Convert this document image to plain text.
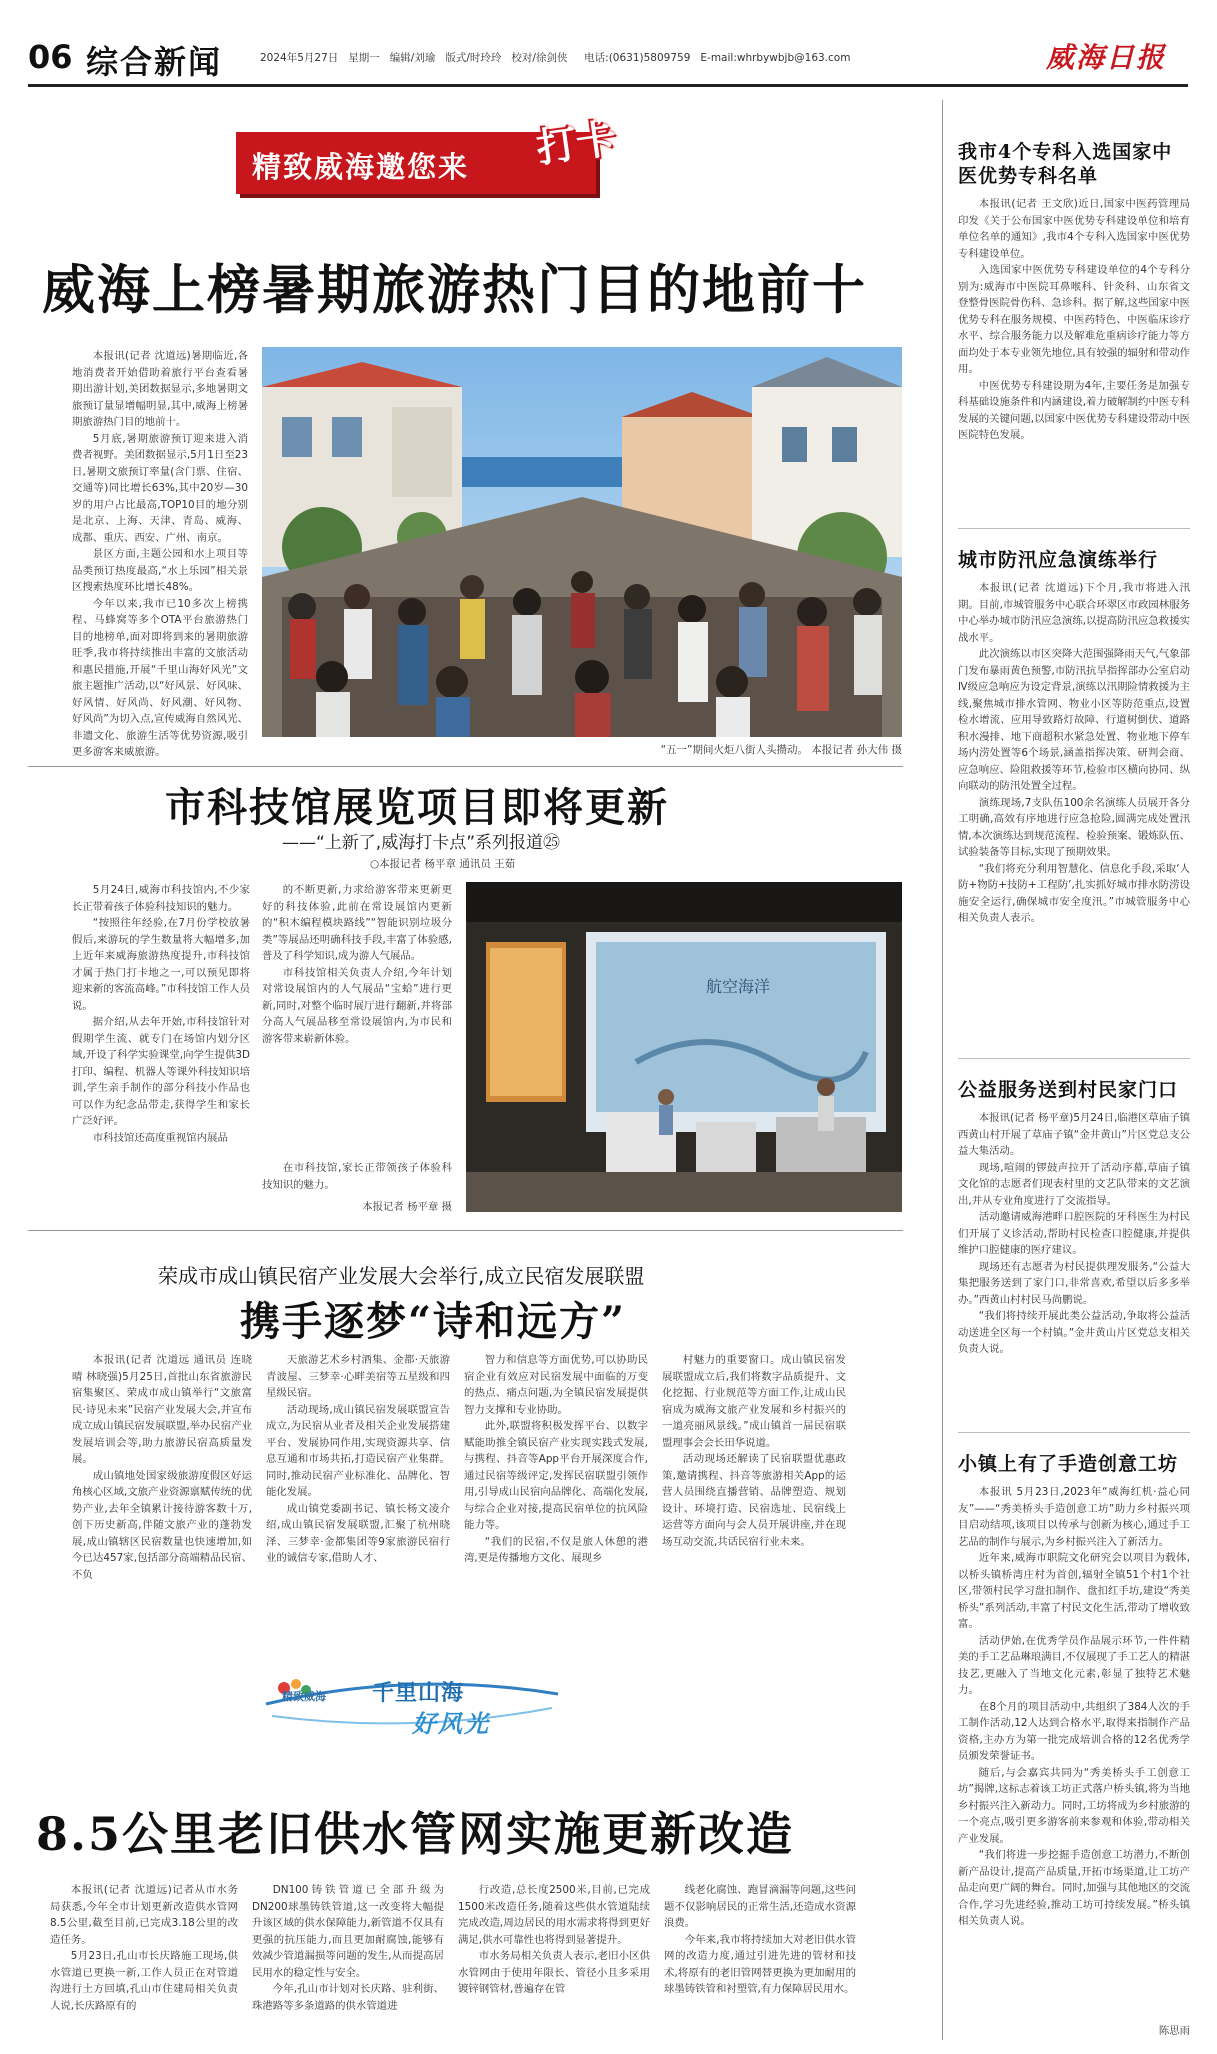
06 综合新闻	2024年5月27日 星期一 编辑/刘瑜 版式/时玲玲 校对/徐剑侠 电话:(0631)5809759 E-mail:whrbywbjb@163.com	威海日报
精致威海邀您来 打卡
威海上榜暑期旅游热门目的地前十

本报讯(记者 沈道远)暑期临近,各地消费者开始借助着旅行平台查看暑期出游计划,美团数据显示,多地暑期文旅预订量显增幅明显,其中,威海上榜暑期旅游热门目的地前十。

5月底,暑期旅游预订迎来进入消费者视野。美团数据显示,5月1日至23日,暑期文旅预订率量(含门票、住宿、交通等)同比增长63%,其中20岁—30岁的用户占比最高,TOP10目的地分别是北京、上海、天津、青岛、威海、成都、重庆、西安、广州、南京。

景区方面,主题公园和水上项目等品类预订热度最高,“水上乐园”相关景区搜索热度环比增长48%。

今年以来,我市已10多次上榜携程、马蜂窝等多个OTA平台旅游热门目的地榜单,面对即将到来的暑期旅游旺季,我市将持续推出丰富的文旅活动和惠民措施,开展“千里山海好风光”文旅主题推广活动,以“好风景、好风味、好风情、好风尚、好风潮、好风物、好风尚”为切入点,宣传威海自然风光、非遗文化、旅游生活等优势资源,吸引更多游客来威旅游。	“五一”期间火炬八街人头攒动。 本报记者 孙大伟 摄
市科技馆展览项目即将更新
——“上新了,威海打卡点”系列报道㉕
○本报记者 杨平章 通讯员 王茹

5月24日,威海市科技馆内,不少家长正带着孩子体验科技知识的魅力。

“按照往年经验,在7月份学校放暑假后,来游玩的学生数量将大幅增多,加上近年来威海旅游热度提升,市科技馆才属于热门打卡地之一,可以预见即将迎来新的客流高峰。”市科技馆工作人员说。

据介绍,从去年开始,市科技馆针对假期学生流、就专门在场馆内划分区域,开设了科学实验课堂,向学生提供3D打印、编程、机器人等课外科技知识培训,学生亲手制作的部分科技小作品也可以作为纪念品带走,获得学生和家长广泛好评。

市科技馆还高度重视馆内展品

的不断更新,力求给游客带来更新更好的科技体验,此前在常设展馆内更新的“积木编程模块路线”“智能识别垃圾分类”等展品还明确科技手段,丰富了体验感,普及了科学知识,成为游人气展品。

市科技馆相关负责人介绍,今年计划对常设展馆内的人气展品“宝蛤”进行更新,同时,对整个临时展厅进行翻新,并将部分高人气展品移至常设展馆内,为市民和游客带来崭新体验。

在市科技馆,家长正带领孩子体验科技知识的魅力。

本报记者 杨平章 摄
航空海洋
荣成市成山镇民宿产业发展大会举行,成立民宿发展联盟
携手逐梦“诗和远方”

本报讯(记者 沈道远 通讯员 连晓晴 林晓强)5月25日,首批山东省旅游民宿集聚区、荣成市成山镇举行“文旅富民·诗见未来”民宿产业发展大会,并宣布成立成山镇民宿发展联盟,举办民宿产业发展培训会等,助力旅游民宿高质量发展。

成山镇地处国家级旅游度假区好运角核心区域,文旅产业资源禀赋传统的优势产业,去年全镇累计接待游客数十万,创下历史新高,伴随文旅产业的蓬勃发展,成山镇辖区民宿数量也快速增加,如今已达457家,包括部分高端精品民宿、不负

天旅游艺术乡村酒集、金都·天旅游青波屋、三梦幸·心畔美宿等五星级和四星级民宿。

活动现场,成山镇民宿发展联盟宣告成立,为民宿从业者及相关企业发展搭建平台、发展协同作用,实现资源共享、信息互通和市场共拓,打造民宿产业集群。同时,推动民宿产业标准化、品牌化、智能化发展。

成山镇党委副书记、镇长杨文凌介绍,成山镇民宿发展联盟,汇聚了杭州晓泽、三梦幸·金都集团等9家旅游民宿行业的诚信专家,借助人才、

智力和信息等方面优势,可以协助民宿企业有效应对民宿发展中面临的万变的热点、痛点问题,为全镇民宿发展提供智力支撑和专业协助。

此外,联盟将积极发挥平台、以数字赋能助推全镇民宿产业实现实践式发展,与携程、抖音等App平台开展深度合作,通过民宿等级评定,发挥民宿联盟引领作用,引导成山民宿向品牌化、高端化发展,与综合企业对接,提高民宿单位的抗风险能力等。

“我们的民宿,不仅是旅人休憩的港湾,更是传播地方文化、展现乡

村魅力的重要窗口。成山镇民宿发展联盟成立后,我们将数字品质提升、文化挖掘、行业规范等方面工作,让成山民宿成为威海文旅产业发展和乡村振兴的一道亮丽风景线。”成山镇首一届民宿联盟理事会会长田华说道。

活动现场还解读了民宿联盟优惠政策,邀请携程、抖音等旅游相关App的运营人员围绕直播营销、品牌塑造、规划设计、环境打造、民宿选址、民宿线上运营等方面向与会人员开展讲座,并在现场互动交流,共话民宿行业未来。

精致威海 千里山海
好风光
8.5公里老旧供水管网实施更新改造

本报讯(记者 沈道远)记者从市水务局获悉,今年全市计划更新改造供水管网8.5公里,截至目前,已完成3.18公里的改造任务。

5月23日,孔山市长庆路施工现场,供水管道已更换一新,工作人员正在对管道沟进行土方回填,孔山市住建局相关负责人说,长庆路原有的

DN100铸铁管道已全部升级为DN200球墨铸铁管道,这一改变将大幅提升该区域的供水保障能力,新管道不仅具有更强的抗压能力,而且更加耐腐蚀,能够有效减少管道漏损等问题的发生,从而提高居民用水的稳定性与安全。

今年,孔山市计划对长庆路、驻利街、珠港路等多条道路的供水管道进

行改造,总长度2500米,目前,已完成1500米改造任务,随着这些供水管道陆续完成改造,周边居民的用水需求将得到更好满足,供水可靠性也将得到显著提升。

市水务局相关负责人表示,老旧小区供水管网由于使用年限长、管径小且多采用镀锌钢管材,普遍存在管

线老化腐蚀、跑冒滴漏等问题,这些问题不仅影响居民的正常生活,还造成水资源浪费。

今年来,我市将持续加大对老旧供水管网的改造力度,通过引进先进的管材和技术,将原有的老旧管网替更换为更加耐用的球墨铸铁管和衬塑管,有力保障居民用水。

我市4个专科入选国家中医优势专科名单

本报讯(记者 王文欣)近日,国家中医药管理局印发《关于公布国家中医优势专科建设单位和培育单位名单的通知》,我市4个专科入选国家中医优势专科建设单位。

入选国家中医优势专科建设单位的4个专科分别为:威海市中医院耳鼻喉科、针灸科、山东省文登整骨医院骨伤科、急诊科。据了解,这些国家中医优势专科在服务规模、中医药特色、中医临床诊疗水平、综合服务能力以及解难危重病诊疗能力等方面均处于本专业领先地位,具有较强的辐射和带动作用。

中医优势专科建设期为4年,主要任务是加强专科基础设施条件和内涵建设,着力破解制约中医专科发展的关键问题,以国家中医优势专科建设带动中医医院特色发展。

城市防汛应急演练举行

本报讯(记者 沈道远)下个月,我市将进入汛期。目前,市城管服务中心联合环翠区市政园林服务中心举办城市防汛应急演练,以提高防汛应急救援实战水平。

此次演练以市区突降大范围强降雨天气,气象部门发布暴雨黄色预警,市防汛抗旱指挥部办公室启动Ⅳ级应急响应为设定背景,演练以汛期险情救援为主线,聚焦城市排水管网、物业小区等防范重点,设置检水增流、应用导致路灯故障、行道树倒伏、道路积水漫排、地下商超积水紧急处置、物业地下停车场内涝处置等6个场景,涵盖指挥决策、研判会商、应急响应、险阻救援等环节,检验市区横向协同、纵向联动的防汛处置全过程。

演练现场,7支队伍100余名演练人员展开各分工明确,高效有序地进行应急抢险,圆满完成处置汛情,本次演练达到规范流程、检验预案、锻炼队伍、试验装备等目标,实现了预期效果。

“我们将充分利用智慧化、信息化手段,采取‘人防+物防+技防+工程防’,扎实抓好城市排水防涝设施安全运行,确保城市安全度汛。”市城管服务中心相关负责人表示。

公益服务送到村民家门口

本报讯(记者 杨平章)5月24日,临港区草庙子镇西黄山村开展了草庙子镇“金井黄山”片区党总支公益大集活动。

现场,喧闹的锣鼓声拉开了活动序幕,草庙子镇文化馆的志愿者们现表村里的文艺队带来的文艺演出,并从专业角度进行了交流指导。

活动邀请威海港畔口腔医院的牙科医生为村民们开展了义诊活动,帮助村民检查口腔健康,并提供维护口腔健康的医疗建议。

现场还有志愿者为村民提供理发服务,“公益大集把服务送到了家门口,非常喜欢,希望以后多多举办。”西黄山村村民马尚鹏说。

“我们将持续开展此类公益活动,争取将公益活动送进全区每一个村镇。”金井黄山片区党总支相关负责人说。

小镇上有了手造创意工坊

本报讯 5月23日,2023年“威海红机·益心同友”——“秀美桥头手造创意工坊”助力乡村振兴项目启动结项,该项目以传承与创新为核心,通过手工艺品的制作与展示,为乡村振兴注入了新活力。

近年来,威海市职院文化研究会以项目为载体,以桥头镇桥湾庄村为首创,辐射全镇51个村1个社区,带领村民学习盘扣制作、盘扣红手坊,建设“秀美桥头”系列活动,丰富了村民文化生活,带动了增收致富。

活动伊始,在优秀学员作品展示环节,一件件精美的手工艺品琳琅满目,不仅展现了手工艺人的精湛技艺,更融入了当地文化元素,彰显了独特艺术魅力。

在8个月的项目活动中,共组织了384人次的手工制作活动,12人达到合格水平,取得来指制作产品资格,主办方为第一批完成培训合格的12名优秀学员颁发荣誉证书。

随后,与会嘉宾共同为“秀美桥头手工创意工坊”揭牌,这标志着该工坊正式落户桥头镇,将为当地乡村振兴注入新动力。同时,工坊将成为乡村旅游的一个亮点,吸引更多游客前来参观和体验,带动相关产业发展。

“我们将进一步挖掘手造创意工坊潜力,不断创新产品设计,提高产品质量,开拓市场渠道,让工坊产品走向更广阔的舞台。同时,加强与其他地区的交流合作,学习先进经验,推动工坊可持续发展。”桥头镇相关负责人说。

陈思雨
